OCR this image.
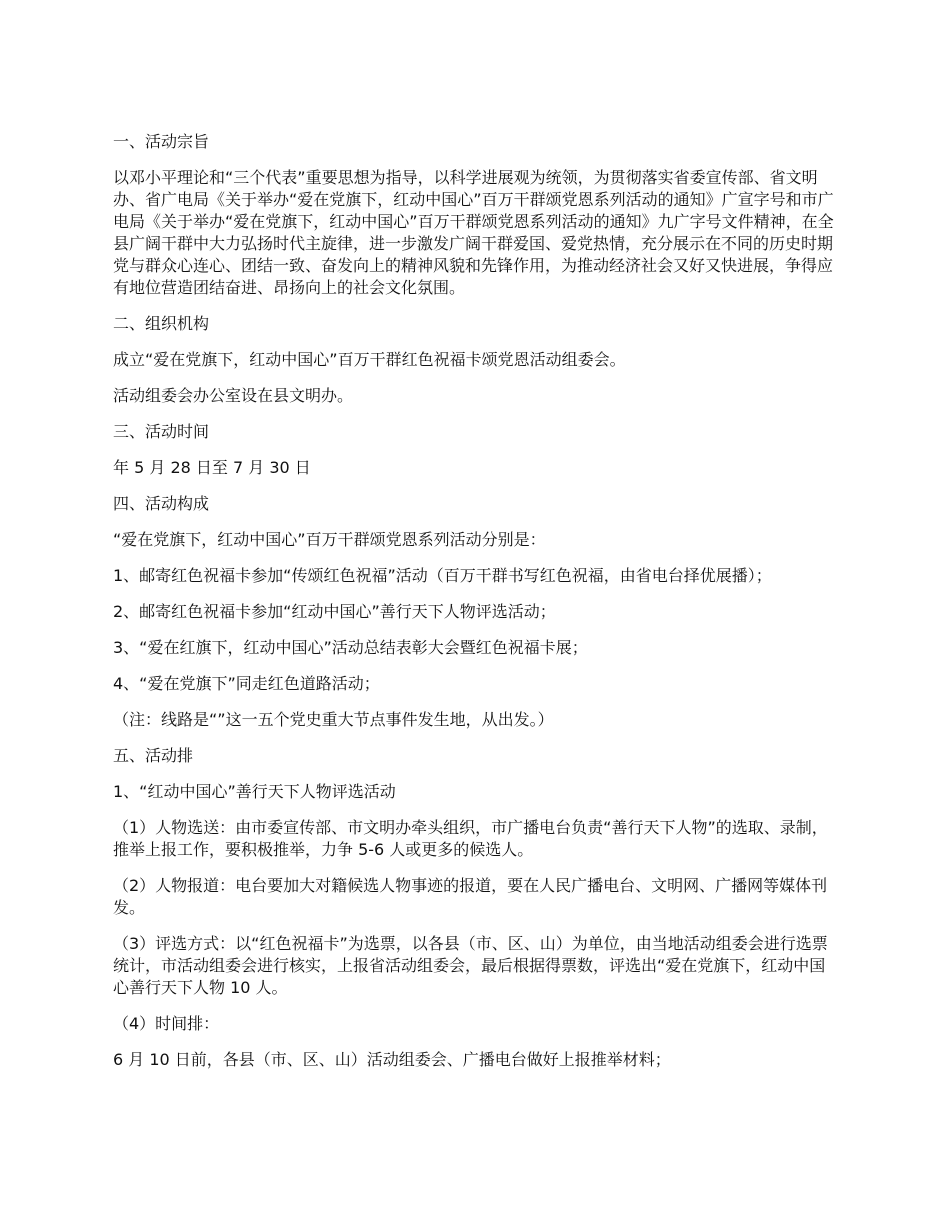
一、活动宗旨

以邓小平理论和“三个代表”重要思想为指导，以科学进展观为统领，为贯彻落实省委宣传部、省文明办、省广电局《关于举办“爱在党旗下，红动中国心”百万干群颂党恩系列活动的通知》广宣字号和市广电局《关于举办“爱在党旗下，红动中国心”百万干群颂党恩系列活动的通知》九广字号文件精神，在全县广阔干群中大力弘扬时代主旋律，进一步激发广阔干群爱国、爱党热情，充分展示在不同的历史时期党与群众心连心、团结一致、奋发向上的精神风貌和先锋作用，为推动经济社会又好又快进展，争得应有地位营造团结奋进、昂扬向上的社会文化氛围。

二、组织机构

成立“爱在党旗下，红动中国心”百万干群红色祝福卡颂党恩活动组委会。

活动组委会办公室设在县文明办。

三、活动时间

年 5 月 28 日至 7 月 30 日

四、活动构成

“爱在党旗下，红动中国心”百万干群颂党恩系列活动分别是：

1、邮寄红色祝福卡参加“传颂红色祝福”活动（百万干群书写红色祝福，由省电台择优展播）；

2、邮寄红色祝福卡参加“红动中国心”善行天下人物评选活动；

3、“爱在红旗下，红动中国心”活动总结表彰大会暨红色祝福卡展；

4、“爱在党旗下”同走红色道路活动；

（注：线路是“”这一五个党史重大节点事件发生地，从出发。）

五、活动排

1、“红动中国心”善行天下人物评选活动

（1）人物选送：由市委宣传部、市文明办牵头组织，市广播电台负责“善行天下人物”的选取、录制，推举上报工作，要积极推举，力争 5-6 人或更多的候选人。

（2）人物报道：电台要加大对籍候选人物事迹的报道，要在人民广播电台、文明网、广播网等媒体刊发。

（3）评选方式：以“红色祝福卡”为选票，以各县（市、区、山）为单位，由当地活动组委会进行选票统计，市活动组委会进行核实，上报省活动组委会，最后根据得票数，评选出“爱在党旗下，红动中国心善行天下人物 10 人。

（4）时间排：

6 月 10 日前，各县（市、区、山）活动组委会、广播电台做好上报推举材料；
